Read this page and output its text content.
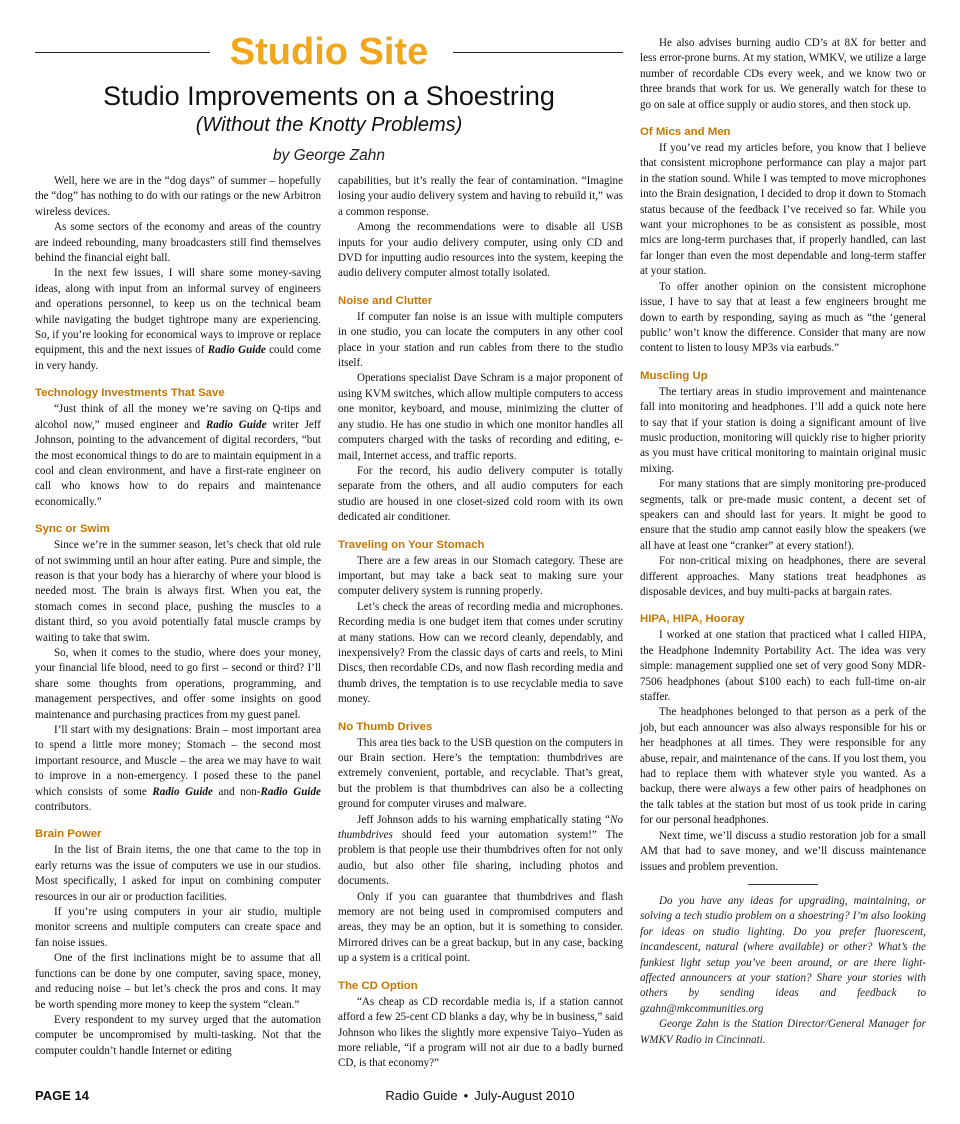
Studio Site
Studio Improvements on a Shoestring
(Without the Knotty Problems)
by George Zahn

Well, here we are in the “dog days” of summer – hopefully the “dog” has nothing to do with our ratings or the new Arbitron wireless devices.

As some sectors of the economy and areas of the country are indeed rebounding, many broadcasters still find themselves behind the financial eight ball.

In the next few issues, I will share some money-saving ideas, along with input from an informal survey of engineers and operations personnel, to keep us on the technical beam while navigating the budget tightrope many are experiencing. So, if you’re looking for economical ways to improve or replace equipment, this and the next issues of Radio Guide could come in very handy.

Technology Investments That Save

“Just think of all the money we’re saving on Q-tips and alcohol now,” mused engineer and Radio Guide writer Jeff Johnson, pointing to the advancement of digital recorders, “but the most economical things to do are to maintain equipment in a cool and clean environment, and have a first-rate engineer on call who knows how to do repairs and maintenance economically.”

Sync or Swim

Since we’re in the summer season, let’s check that old rule of not swimming until an hour after eating. Pure and simple, the reason is that your body has a hierarchy of where your blood is needed most. The brain is always first. When you eat, the stomach comes in second place, pushing the muscles to a distant third, so you avoid potentially fatal muscle cramps by waiting to take that swim.

So, when it comes to the studio, where does your money, your financial life blood, need to go first – second or third? I’ll share some thoughts from operations, programming, and management perspectives, and offer some insights on good maintenance and purchasing practices from my guest panel.

I’ll start with my designations: Brain – most important area to spend a little more money; Stomach – the second most important resource, and Muscle – the area we may have to wait to improve in a non-emergency. I posed these to the panel which consists of some Radio Guide and non-Radio Guide contributors.

Brain Power

In the list of Brain items, the one that came to the top in early returns was the issue of computers we use in our studios. Most specifically, I asked for input on combining computer resources in our air or production facilities.

If you’re using computers in your air studio, multiple monitor screens and multiple computers can create space and fan noise issues.

One of the first inclinations might be to assume that all functions can be done by one computer, saving space, money, and reducing noise – but let’s check the pros and cons. It may be worth spending more money to keep the system “clean.”

Every respondent to my survey urged that the automation computer be uncompromised by multi-tasking. Not that the computer couldn’t handle Internet or editing

capabilities, but it’s really the fear of contamination. “Imagine losing your audio delivery system and having to rebuild it,” was a common response.

Among the recommendations were to disable all USB inputs for your audio delivery computer, using only CD and DVD for inputting audio resources into the system, keeping the audio delivery computer almost totally isolated.

Noise and Clutter

If computer fan noise is an issue with multiple computers in one studio, you can locate the computers in any other cool place in your station and run cables from there to the studio itself.

Operations specialist Dave Schram is a major proponent of using KVM switches, which allow multiple computers to access one monitor, keyboard, and mouse, minimizing the clutter of any studio. He has one studio in which one monitor handles all computers charged with the tasks of recording and editing, e-mail, Internet access, and traffic reports.

For the record, his audio delivery computer is totally separate from the others, and all audio computers for each studio are housed in one closet-sized cold room with its own dedicated air conditioner.

Traveling on Your Stomach

There are a few areas in our Stomach category. These are important, but may take a back seat to making sure your computer delivery system is running properly.

Let’s check the areas of recording media and microphones. Recording media is one budget item that comes under scrutiny at many stations. How can we record cleanly, dependably, and inexpensively? From the classic days of carts and reels, to Mini Discs, then recordable CDs, and now flash recording media and thumb drives, the temptation is to use recyclable media to save money.

No Thumb Drives

This area ties back to the USB question on the computers in our Brain section. Here’s the temptation: thumbdrives are extremely convenient, portable, and recyclable. That’s great, but the problem is that thumbdrives can also be a collecting ground for computer viruses and malware.

Jeff Johnson adds to his warning emphatically stating “No thumbdrives should feed your automation system!” The problem is that people use their thumbdrives often for not only audio, but also other file sharing, including photos and documents.

Only if you can guarantee that thumbdrives and flash memory are not being used in compromised computers and areas, they may be an option, but it is something to consider. Mirrored drives can be a great backup, but in any case, backing up a system is a critical point.

The CD Option

“As cheap as CD recordable media is, if a station cannot afford a few 25-cent CD blanks a day, why be in business,” said Johnson who likes the slightly more expensive Taiyo–Yuden as more reliable, “if a program will not air due to a badly burned CD, is that economy?”

He also advises burning audio CD’s at 8X for better and less error-prone burns. At my station, WMKV, we utilize a large number of recordable CDs every week, and we know two or three brands that work for us. We generally watch for these to go on sale at office supply or audio stores, and then stock up.

Of Mics and Men

If you’ve read my articles before, you know that I believe that consistent microphone performance can play a major part in the station sound. While I was tempted to move microphones into the Brain designation, I decided to drop it down to Stomach status because of the feedback I’ve received so far. While you want your microphones to be as consistent as possible, most mics are long-term purchases that, if properly handled, can last far longer than even the most dependable and long-term staffer at your station.

To offer another opinion on the consistent microphone issue, I have to say that at least a few engineers brought me down to earth by responding, saying as much as “the ‘general public’ won’t know the difference. Consider that many are now content to listen to lousy MP3s via earbuds.”

Muscling Up

The tertiary areas in studio improvement and maintenance fall into monitoring and headphones. I’ll add a quick note here to say that if your station is doing a significant amount of live music production, monitoring will quickly rise to higher priority as you must have critical monitoring to maintain original music mixing.

For many stations that are simply monitoring pre-produced segments, talk or pre-made music content, a decent set of speakers can and should last for years. It might be good to ensure that the studio amp cannot easily blow the speakers (we all have at least one “cranker” at every station!).

For non-critical mixing on headphones, there are several different approaches. Many stations treat headphones as disposable devices, and buy multi-packs at bargain rates.

HIPA, HIPA, Hooray

I worked at one station that practiced what I called HIPA, the Headphone Indemnity Portability Act. The idea was very simple: management supplied one set of very good Sony MDR-7506 headphones (about $100 each) to each full-time on-air staffer.

The headphones belonged to that person as a perk of the job, but each announcer was also always responsible for his or her headphones at all times. They were responsible for any abuse, repair, and maintenance of the cans. If you lost them, you had to replace them with whatever style you wanted. As a backup, there were always a few other pairs of headphones on the talk tables at the station but most of us took pride in caring for our personal headphones.

Next time, we’ll discuss a studio restoration job for a small AM that had to save money, and we’ll discuss maintenance issues and problem prevention.

Do you have any ideas for upgrading, maintaining, or solving a tech studio problem on a shoestring? I’m also looking for ideas on studio lighting. Do you prefer fluorescent, incandescent, natural (where available) or other? What’s the funkiest light setup you’ve been around, or are there light-affected announcers at your station? Share your stories with others by sending ideas and feedback to gzahn@mkcommunities.org

George Zahn is the Station Director/General Manager for WMKV Radio in Cincinnati.

PAGE 14	Radio Guide • July-August 2010
